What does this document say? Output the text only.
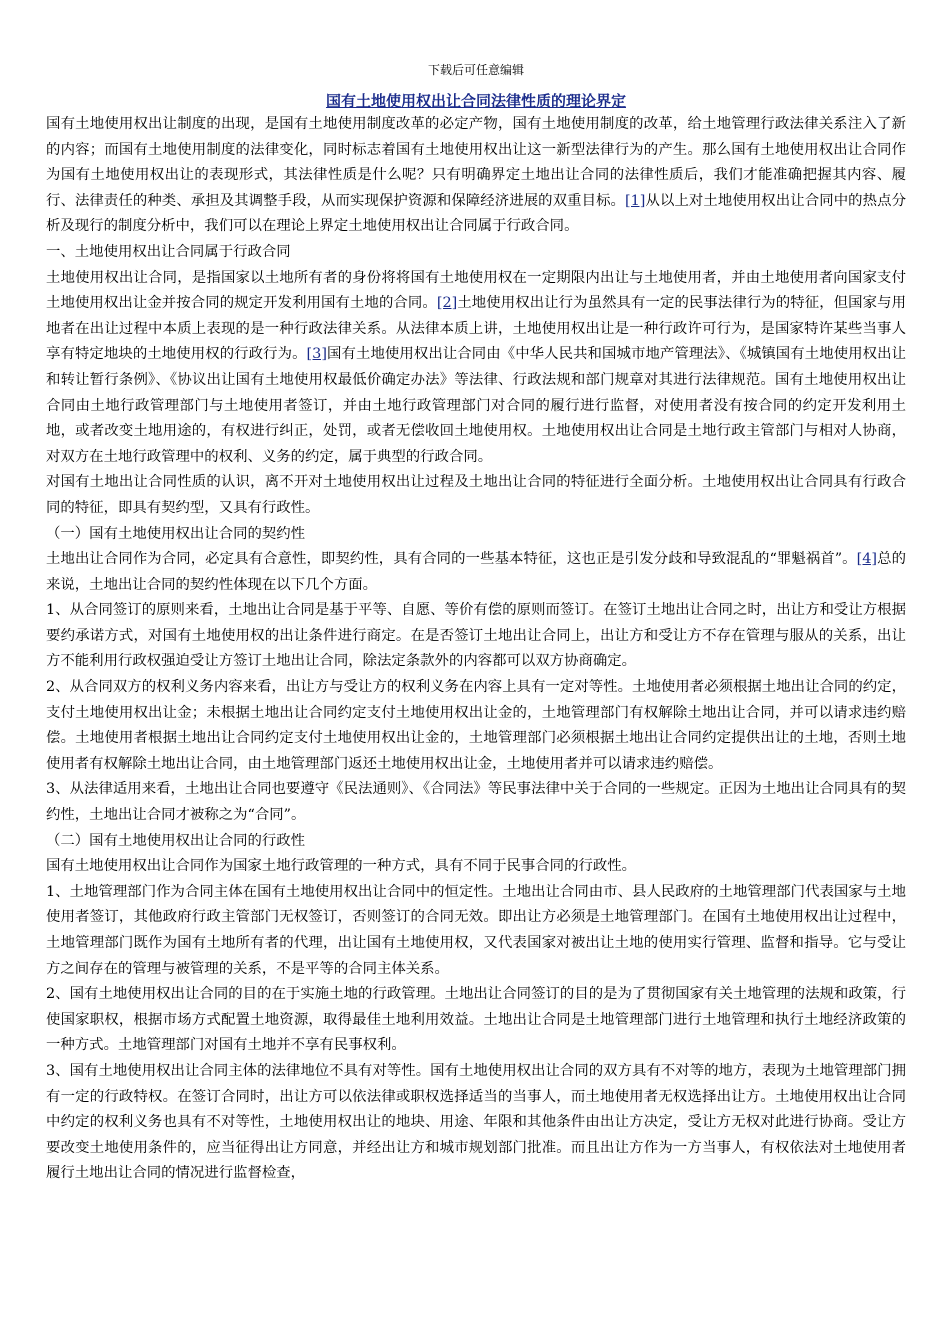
下载后可任意编辑
国有土地使用权出让合同法律性质的理论界定

国有土地使用权出让制度的出现，是国有土地使用制度改革的必定产物，国有土地使用制度的改革，给土地管理行政法律关系注入了新的内容；而国有土地使用制度的法律变化，同时标志着国有土地使用权出让这一新型法律行为的产生。那么国有土地使用权出让合同作为国有土地使用权出让的表现形式，其法律性质是什么呢？只有明确界定土地出让合同的法律性质后，我们才能准确把握其内容、履行、法律责任的种类、承担及其调整手段，从而实现保护资源和保障经济进展的双重目标。[1]从以上对土地使用权出让合同中的热点分析及现行的制度分析中，我们可以在理论上界定土地使用权出让合同属于行政合同。

一、土地使用权出让合同属于行政合同

土地使用权出让合同，是指国家以土地所有者的身份将将国有土地使用权在一定期限内出让与土地使用者，并由土地使用者向国家支付土地使用权出让金并按合同的规定开发利用国有土地的合同。[2]土地使用权出让行为虽然具有一定的民事法律行为的特征，但国家与用地者在出让过程中本质上表现的是一种行政法律关系。从法律本质上讲，土地使用权出让是一种行政许可行为，是国家特许某些当事人享有特定地块的土地使用权的行政行为。[3]国有土地使用权出让合同由《中华人民共和国城市地产管理法》、《城镇国有土地使用权出让和转让暂行条例》、《协议出让国有土地使用权最低价确定办法》等法律、行政法规和部门规章对其进行法律规范。国有土地使用权出让合同由土地行政管理部门与土地使用者签订，并由土地行政管理部门对合同的履行进行监督，对使用者没有按合同的约定开发利用土地，或者改变土地用途的，有权进行纠正，处罚，或者无偿收回土地使用权。土地使用权出让合同是土地行政主管部门与相对人协商，对双方在土地行政管理中的权利、义务的约定，属于典型的行政合同。

对国有土地出让合同性质的认识，离不开对土地使用权出让过程及土地出让合同的特征进行全面分析。土地使用权出让合同具有行政合同的特征，即具有契约型，又具有行政性。

（一）国有土地使用权出让合同的契约性

土地出让合同作为合同，必定具有合意性，即契约性，具有合同的一些基本特征，这也正是引发分歧和导致混乱的“罪魁祸首”。[4]总的来说，土地出让合同的契约性体现在以下几个方面。

1、从合同签订的原则来看，土地出让合同是基于平等、自愿、等价有偿的原则而签订。在签订土地出让合同之时，出让方和受让方根据要约承诺方式，对国有土地使用权的出让条件进行商定。在是否签订土地出让合同上，出让方和受让方不存在管理与服从的关系，出让方不能利用行政权强迫受让方签订土地出让合同，除法定条款外的内容都可以双方协商确定。

2、从合同双方的权利义务内容来看，出让方与受让方的权利义务在内容上具有一定对等性。土地使用者必须根据土地出让合同的约定，支付土地使用权出让金；未根据土地出让合同约定支付土地使用权出让金的，土地管理部门有权解除土地出让合同，并可以请求违约赔偿。土地使用者根据土地出让合同约定支付土地使用权出让金的，土地管理部门必须根据土地出让合同约定提供出让的土地，否则土地使用者有权解除土地出让合同，由土地管理部门返还土地使用权出让金，土地使用者并可以请求违约赔偿。

3、从法律适用来看，土地出让合同也要遵守《民法通则》、《合同法》等民事法律中关于合同的一些规定。正因为土地出让合同具有的契约性，土地出让合同才被称之为“合同”。

（二）国有土地使用权出让合同的行政性

国有土地使用权出让合同作为国家土地行政管理的一种方式，具有不同于民事合同的行政性。

1、土地管理部门作为合同主体在国有土地使用权出让合同中的恒定性。土地出让合同由市、县人民政府的土地管理部门代表国家与土地使用者签订，其他政府行政主管部门无权签订，否则签订的合同无效。即出让方必须是土地管理部门。在国有土地使用权出让过程中，土地管理部门既作为国有土地所有者的代理，出让国有土地使用权，又代表国家对被出让土地的使用实行管理、监督和指导。它与受让方之间存在的管理与被管理的关系，不是平等的合同主体关系。

2、国有土地使用权出让合同的目的在于实施土地的行政管理。土地出让合同签订的目的是为了贯彻国家有关土地管理的法规和政策，行使国家职权，根据市场方式配置土地资源，取得最佳土地利用效益。土地出让合同是土地管理部门进行土地管理和执行土地经济政策的一种方式。土地管理部门对国有土地并不享有民事权利。

3、国有土地使用权出让合同主体的法律地位不具有对等性。国有土地使用权出让合同的双方具有不对等的地方，表现为土地管理部门拥有一定的行政特权。在签订合同时，出让方可以依法律或职权选择适当的当事人，而土地使用者无权选择出让方。土地使用权出让合同中约定的权利义务也具有不对等性，土地使用权出让的地块、用途、年限和其他条件由出让方决定，受让方无权对此进行协商。受让方要改变土地使用条件的，应当征得出让方同意，并经出让方和城市规划部门批准。而且出让方作为一方当事人，有权依法对土地使用者履行土地出让合同的情况进行监督检查，
